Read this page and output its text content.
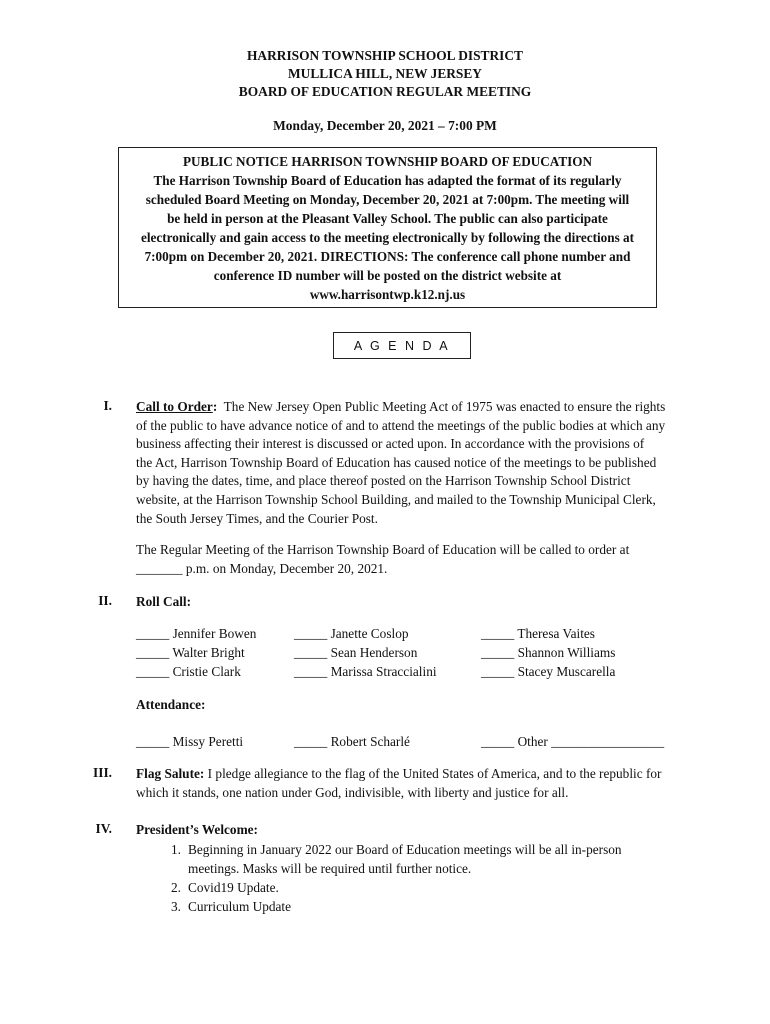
HARRISON TOWNSHIP SCHOOL DISTRICT
MULLICA HILL, NEW JERSEY
BOARD OF EDUCATION REGULAR MEETING
Monday, December 20, 2021 – 7:00 PM
PUBLIC NOTICE HARRISON TOWNSHIP BOARD OF EDUCATION
The Harrison Township Board of Education has adapted the format of its regularly
scheduled Board Meeting on Monday, December 20, 2021 at 7:00pm. The meeting will
be held in person at the Pleasant Valley School. The public can also participate
electronically and gain access to the meeting electronically by following the directions at
7:00pm on December 20, 2021. DIRECTIONS: The conference call phone number and
conference ID number will be posted on the district website at
www.harrisontwp.k12.nj.us
A G E N D A
I. Call to Order: The New Jersey Open Public Meeting Act of 1975 was enacted to ensure the rights
of the public to have advance notice of and to attend the meetings of the public bodies at which any
business affecting their interest is discussed or acted upon. In accordance with the provisions of
the Act, Harrison Township Board of Education has caused notice of the meetings to be published
by having the dates, time, and place thereof posted on the Harrison Township School District
website, at the Harrison Township School Building, and mailed to the Township Municipal Clerk,
the South Jersey Times, and the Courier Post.
The Regular Meeting of the Harrison Township Board of Education will be called to order at
_______ p.m. on Monday, December 20, 2021.
II. Roll Call:
_____ Jennifer Bowen
_____ Walter Bright
_____ Cristie Clark
_____ Janette Coslop
_____ Sean Henderson
_____ Marissa Straccialini
_____ Theresa Vaites
_____ Shannon Williams
_____ Stacey Muscarella
Attendance:
_____ Missy Peretti	_____ Robert Scharlé	_____ Other _________________
III. Flag Salute: I pledge allegiance to the flag of the United States of America, and to the republic for
which it stands, one nation under God, indivisible, with liberty and justice for all.
IV. President’s Welcome:
1. Beginning in January 2022 our Board of Education meetings will be all in-person
meetings. Masks will be required until further notice.
2. Covid19 Update.
3. Curriculum Update
